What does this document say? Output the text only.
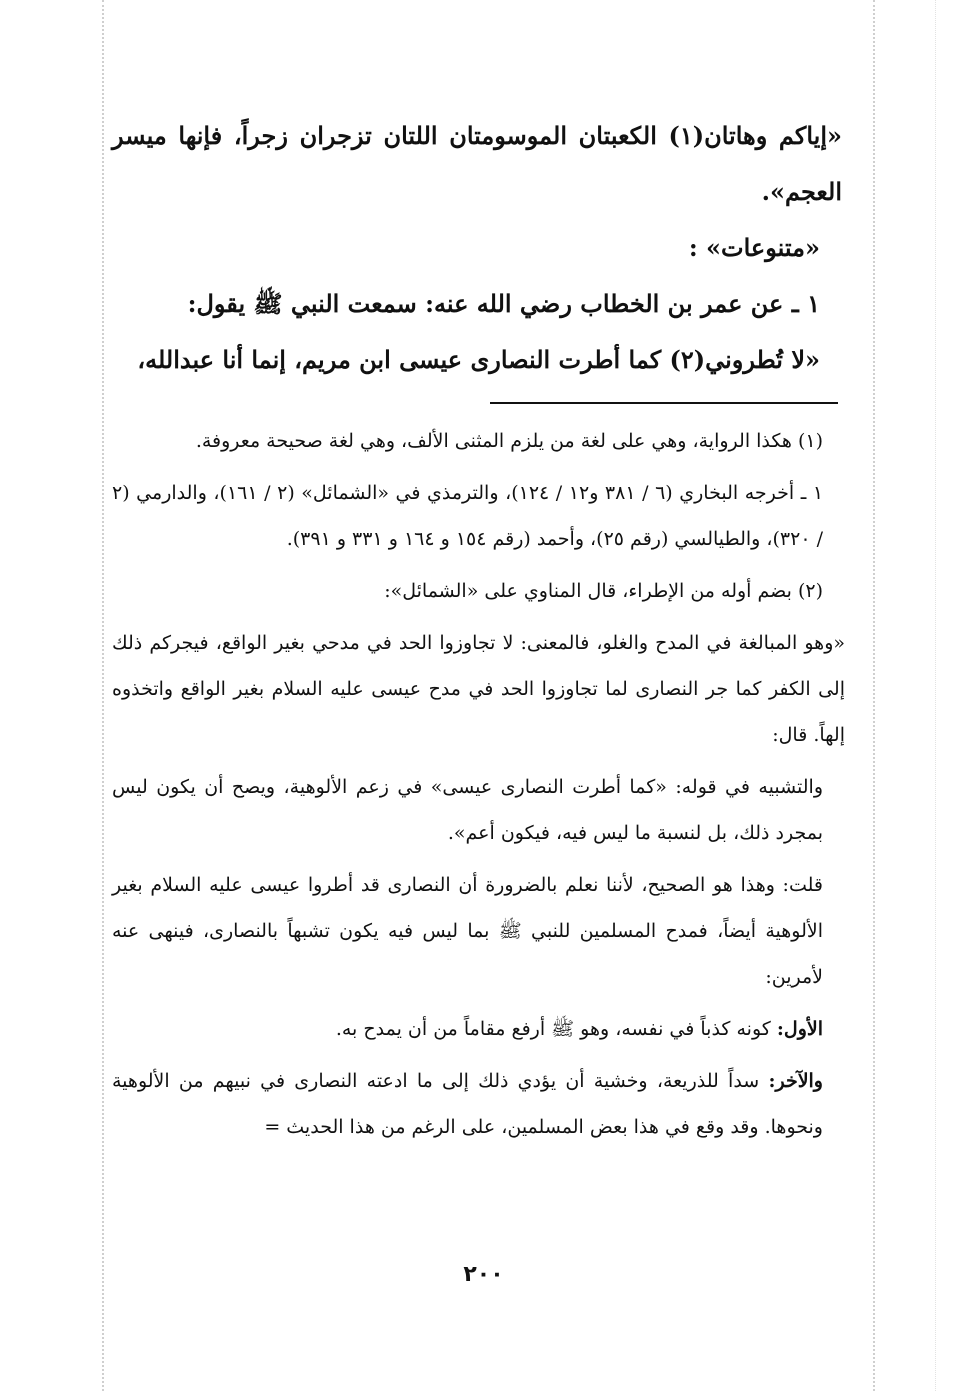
«إياكم وهاتان(١) الكعبتان الموسومتان اللتان تزجران زجراً، فإنها ميسر العجم».

«متنوعات» :

١ ـ عن عمر بن الخطاب رضي الله عنه: سمعت النبي ﷺ يقول:

«لا تُطروني(٢) كما أطرت النصارى عيسى ابن مريم، إنما أنا عبدالله،

(١) هكذا الرواية، وهي على لغة من يلزم المثنى الألف، وهي لغة صحيحة معروفة.

١ ـ أخرجه البخاري (٦ / ٣٨١ و١٢ / ١٢٤)، والترمذي في «الشمائل» (٢ / ١٦١)، والدارمي (٢ / ٣٢٠)، والطيالسي (رقم ٢٥)، وأحمد (رقم ١٥٤ و ١٦٤ و ٣٣١ و ٣٩١).

(٢) بضم أوله من الإطراء، قال المناوي على «الشمائل»:

«وهو المبالغة في المدح والغلو، فالمعنى: لا تجاوزوا الحد في مدحي بغير الواقع، فيجركم ذلك إلى الكفر كما جر النصارى لما تجاوزوا الحد في مدح عيسى عليه السلام بغير الواقع واتخذوه إلهاً. قال:

والتشبيه في قوله: «كما أطرت النصارى عيسى» في زعم الألوهية، ويصح أن يكون ليس بمجرد ذلك، بل لنسبة ما ليس فيه، فيكون أعم».

قلت: وهذا هو الصحيح، لأننا نعلم بالضرورة أن النصارى قد أطروا عيسى عليه السلام بغير الألوهية أيضاً، فمدح المسلمين للنبي ﷺ بما ليس فيه يكون تشبهاً بالنصارى، فينهى عنه لأمرين:

الأول: كونه كذباً في نفسه، وهو ﷺ أرفع مقاماً من أن يمدح به.

والآخر: سداً للذريعة، وخشية أن يؤدي ذلك إلى ما ادعته النصارى في نبيهم من الألوهية ونحوها. وقد وقع في هذا بعض المسلمين، على الرغم من هذا الحديث =

٢٠٠
